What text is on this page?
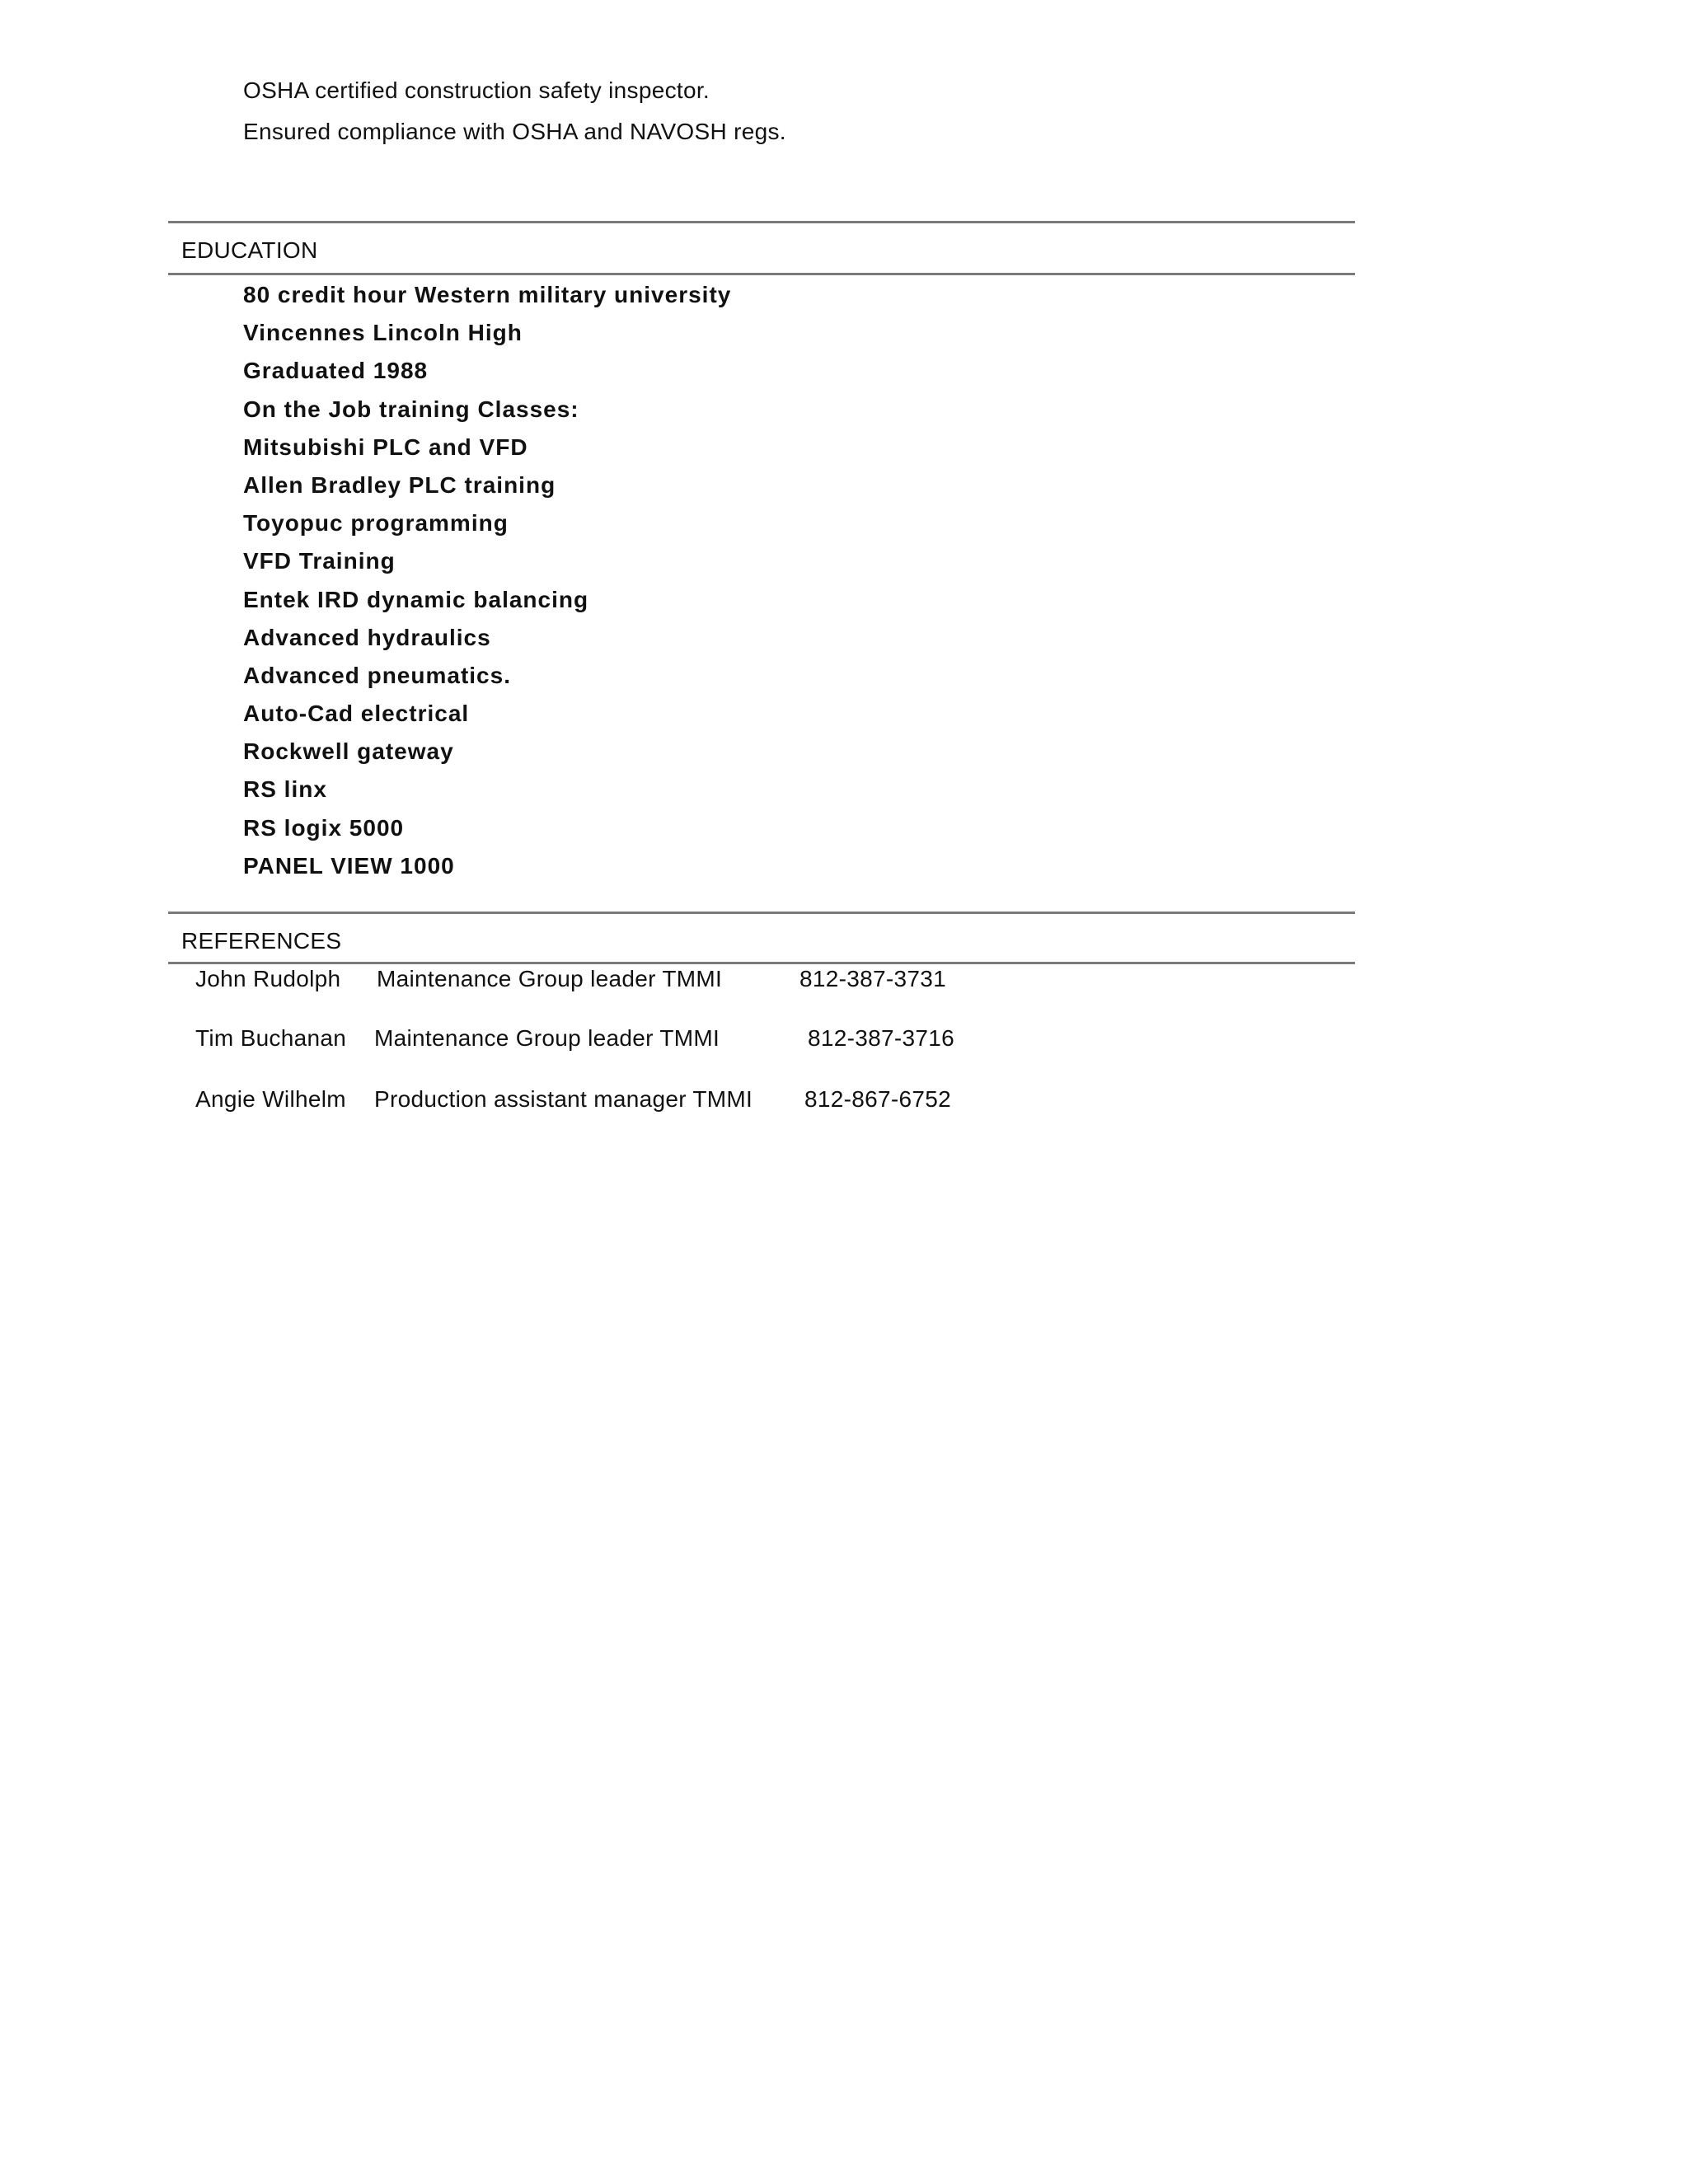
OSHA certified construction safety inspector.
Ensured compliance with OSHA and NAVOSH regs.
EDUCATION
80 credit hour Western military university
Vincennes Lincoln High
Graduated 1988
On the Job training Classes:
Mitsubishi PLC and VFD
Allen Bradley PLC training
Toyopuc programming
VFD Training
Entek IRD dynamic balancing
Advanced hydraulics
Advanced pneumatics.
Auto-Cad electrical
Rockwell gateway
RS linx
RS logix 5000
PANEL VIEW 1000
REFERENCES
John Rudolph Maintenance Group leader TMMI	812-387-3731
Tim Buchanan Maintenance Group leader TMMI	812-387-3716
Angie Wilhelm Production assistant manager TMMI 812-867-6752
